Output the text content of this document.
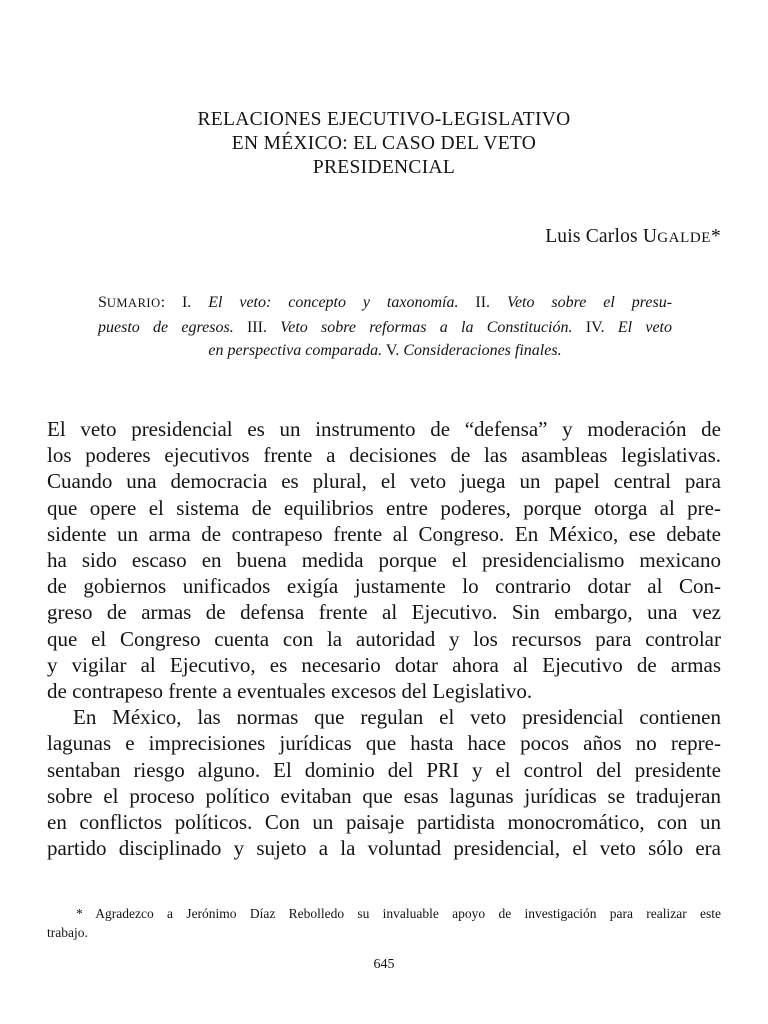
RELACIONES EJECUTIVO-LEGISLATIVO
EN MÉXICO: EL CASO DEL VETO
PRESIDENCIAL
Luis Carlos UGALDE*
SUMARIO: I. El veto: concepto y taxonomía. II. Veto sobre el presu-
puesto de egresos. III. Veto sobre reformas a la Constitución. IV. El veto
en perspectiva comparada. V. Consideraciones finales.
El veto presidencial es un instrumento de “defensa” y moderación de
los poderes ejecutivos frente a decisiones de las asambleas legislativas.
Cuando una democracia es plural, el veto juega un papel central para
que opere el sistema de equilibrios entre poderes, porque otorga al pre-
sidente un arma de contrapeso frente al Congreso. En México, ese debate
ha sido escaso en buena medida porque el presidencialismo mexicano
de gobiernos unificados exigía justamente lo contrario dotar al Con-
greso de armas de defensa frente al Ejecutivo. Sin embargo, una vez
que el Congreso cuenta con la autoridad y los recursos para controlar
y vigilar al Ejecutivo, es necesario dotar ahora al Ejecutivo de armas
de contrapeso frente a eventuales excesos del Legislativo.
En México, las normas que regulan el veto presidencial contienen
lagunas e imprecisiones jurídicas que hasta hace pocos años no repre-
sentaban riesgo alguno. El dominio del PRI y el control del presidente
sobre el proceso político evitaban que esas lagunas jurídicas se tradujeran
en conflictos políticos. Con un paisaje partidista monocromático, con un
partido disciplinado y sujeto a la voluntad presidencial, el veto sólo era
* Agradezco a Jerónimo Díaz Rebolledo su invaluable apoyo de investigación para realizar este
trabajo.
645
